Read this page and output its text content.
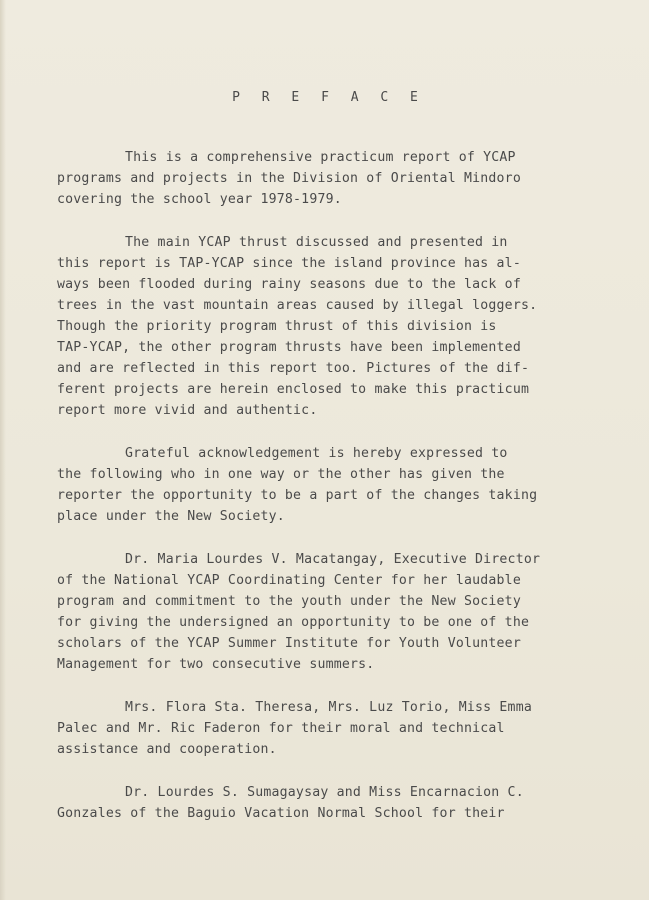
P R E F A C E
This is a comprehensive practicum report of YCAP
programs and projects in the Division of Oriental Mindoro
covering the school year 1978-1979.
The main YCAP thrust discussed and presented in
this report is TAP-YCAP since the island province has al-
ways been flooded during rainy seasons due to the lack of
trees in the vast mountain areas caused by illegal loggers.
Though the priority program thrust of this division is
TAP-YCAP, the other program thrusts have been implemented
and are reflected in this report too. Pictures of the dif-
ferent projects are herein enclosed to make this practicum
report more vivid and authentic.
Grateful acknowledgement is hereby expressed to
the following who in one way or the other has given the
reporter the opportunity to be a part of the changes taking
place under the New Society.
Dr. Maria Lourdes V. Macatangay, Executive Director
of the National YCAP Coordinating Center for her laudable
program and commitment to the youth under the New Society
for giving the undersigned an opportunity to be one of the
scholars of the YCAP Summer Institute for Youth Volunteer
Management for two consecutive summers.
Mrs. Flora Sta. Theresa, Mrs. Luz Torio, Miss Emma
Palec and Mr. Ric Faderon for their moral and technical
assistance and cooperation.
Dr. Lourdes S. Sumagaysay and Miss Encarnacion C.
Gonzales of the Baguio Vacation Normal School for their
